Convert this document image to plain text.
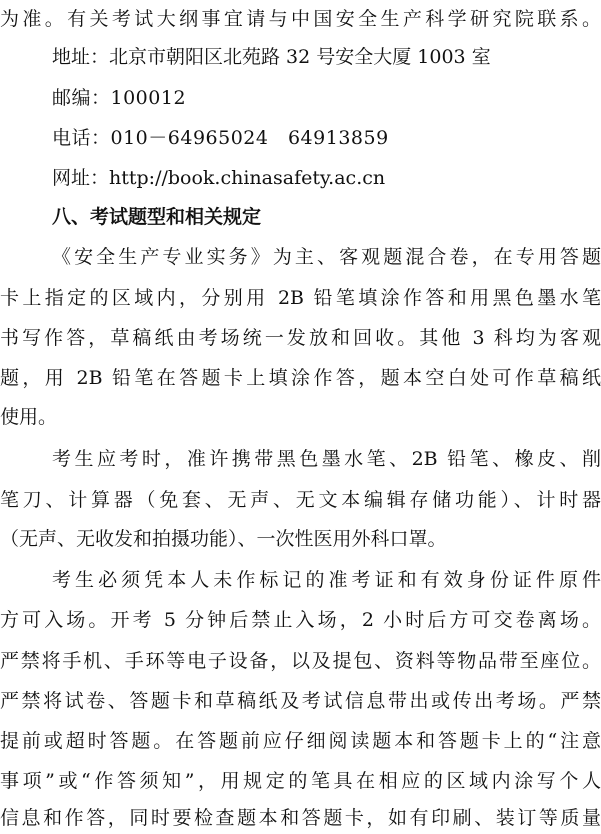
为准。有关考试大纲事宜请与中国安全生产科学研究院联系。
地址：北京市朝阳区北苑路 32 号安全大厦 1003 室
邮编：100012
电话：010－64965024　64913859
网址：http://book.chinasafety.ac.cn
八、考试题型和相关规定
《安全生产专业实务》为主、客观题混合卷，在专用答题
卡上指定的区域内，分别用 2B 铅笔填涂作答和用黑色墨水笔
书写作答，草稿纸由考场统一发放和回收。其他 3 科均为客观
题，用 2B 铅笔在答题卡上填涂作答，题本空白处可作草稿纸
使用。
考生应考时，准许携带黑色墨水笔、2B 铅笔、橡皮、削
笔刀、计算器（免套、无声、无文本编辑存储功能）、计时器
（无声、无收发和拍摄功能）、一次性医用外科口罩。
考生必须凭本人未作标记的准考证和有效身份证件原件
方可入场。开考 5 分钟后禁止入场，2 小时后方可交卷离场。
严禁将手机、手环等电子设备，以及提包、资料等物品带至座位。
严禁将试卷、答题卡和草稿纸及考试信息带出或传出考场。严禁
提前或超时答题。在答题前应仔细阅读题本和答题卡上的“注意
事项”或“作答须知”，用规定的笔具在相应的区域内涂写个人
信息和作答，同时要检查题本和答题卡，如有印刷、装订等质量
